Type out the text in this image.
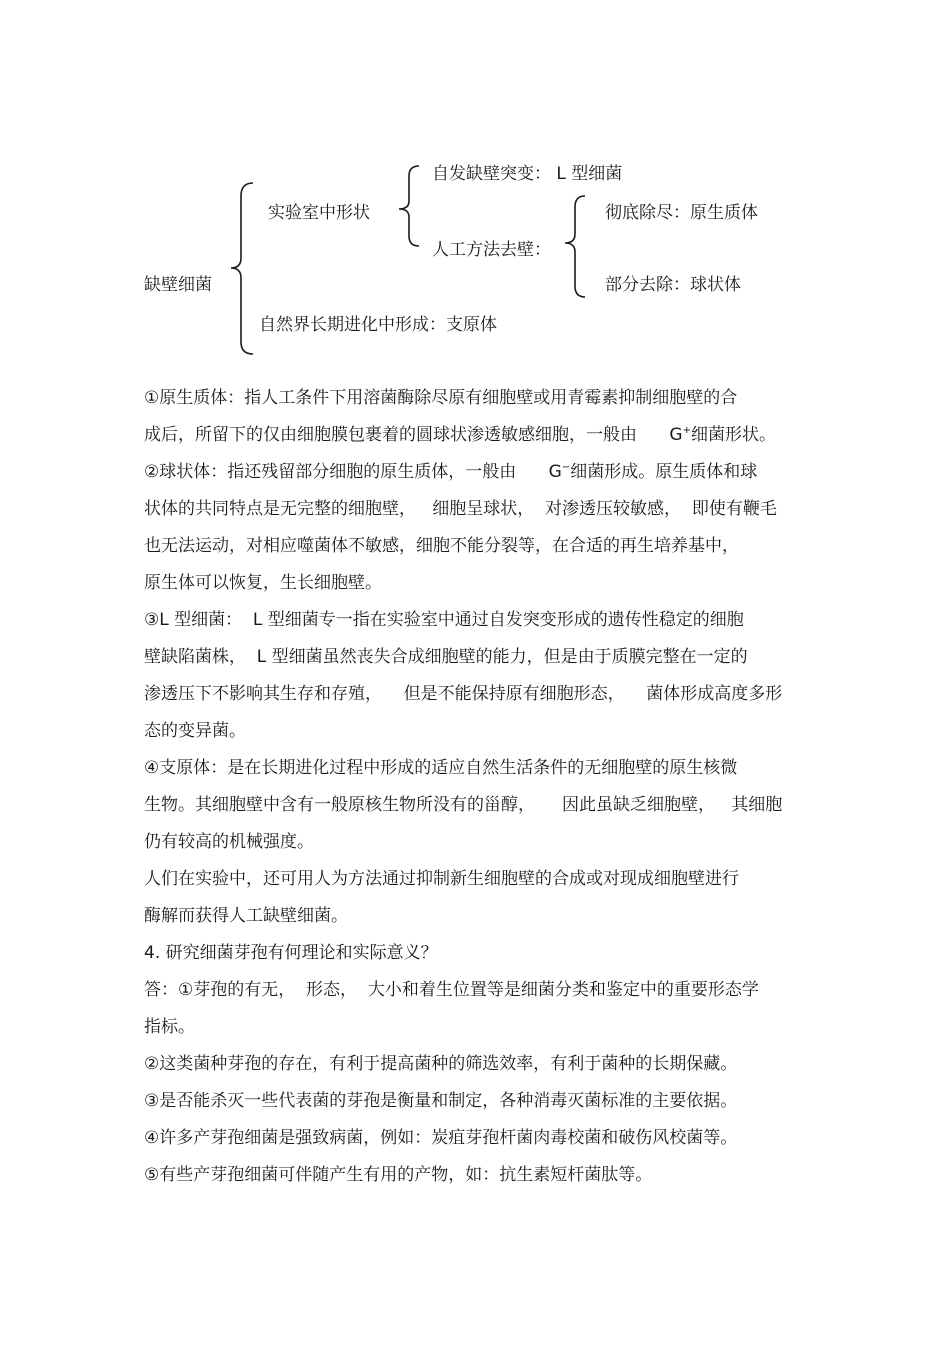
缺壁细菌
实验室中形状
自发缺壁突变： L 型细菌
人工方法去壁：
彻底除尽：原生质体
部分去除：球状体
自然界长期进化中形成：支原体
①原生质体：指人工条件下用溶菌酶除尽原有细胞壁或用青霉素抑制细胞壁的合
成后，所留下的仅由细胞膜包裹着的圆球状渗透敏感细胞，一般由      G+细菌形状。
②球状体：指还残留部分细胞的原生质体，一般由      G−细菌形成。原生质体和球
状体的共同特点是无完整的细胞壁，   细胞呈球状，  对渗透压较敏感，  即使有鞭毛
也无法运动，对相应噬菌体不敏感，细胞不能分裂等，在合适的再生培养基中，
原生体可以恢复，生长细胞壁。
③L 型细菌：  L 型细菌专一指在实验室中通过自发突变形成的遗传性稳定的细胞
壁缺陷菌株，  L 型细菌虽然丧失合成细胞壁的能力，但是由于质膜完整在一定的
渗透压下不影响其生存和存殖，    但是不能保持原有细胞形态，    菌体形成高度多形
态的变异菌。
④支原体：是在长期进化过程中形成的适应自然生活条件的无细胞壁的原生核微
生物。其细胞壁中含有一般原核生物所没有的甾醇，     因此虽缺乏细胞壁，   其细胞
仍有较高的机械强度。
人们在实验中，还可用人为方法通过抑制新生细胞壁的合成或对现成细胞壁进行
酶解而获得人工缺壁细菌。
4. 研究细菌芽孢有何理论和实际意义？
答：①芽孢的有无，  形态，  大小和着生位置等是细菌分类和鉴定中的重要形态学
指标。
②这类菌种芽孢的存在，有利于提高菌种的筛选效率，有利于菌种的长期保藏。
③是否能杀灭一些代表菌的芽孢是衡量和制定，各种消毒灭菌标准的主要依据。
④许多产芽孢细菌是强致病菌，例如：炭疽芽孢杆菌肉毒校菌和破伤风校菌等。
⑤有些产芽孢细菌可伴随产生有用的产物，如：抗生素短杆菌肽等。
